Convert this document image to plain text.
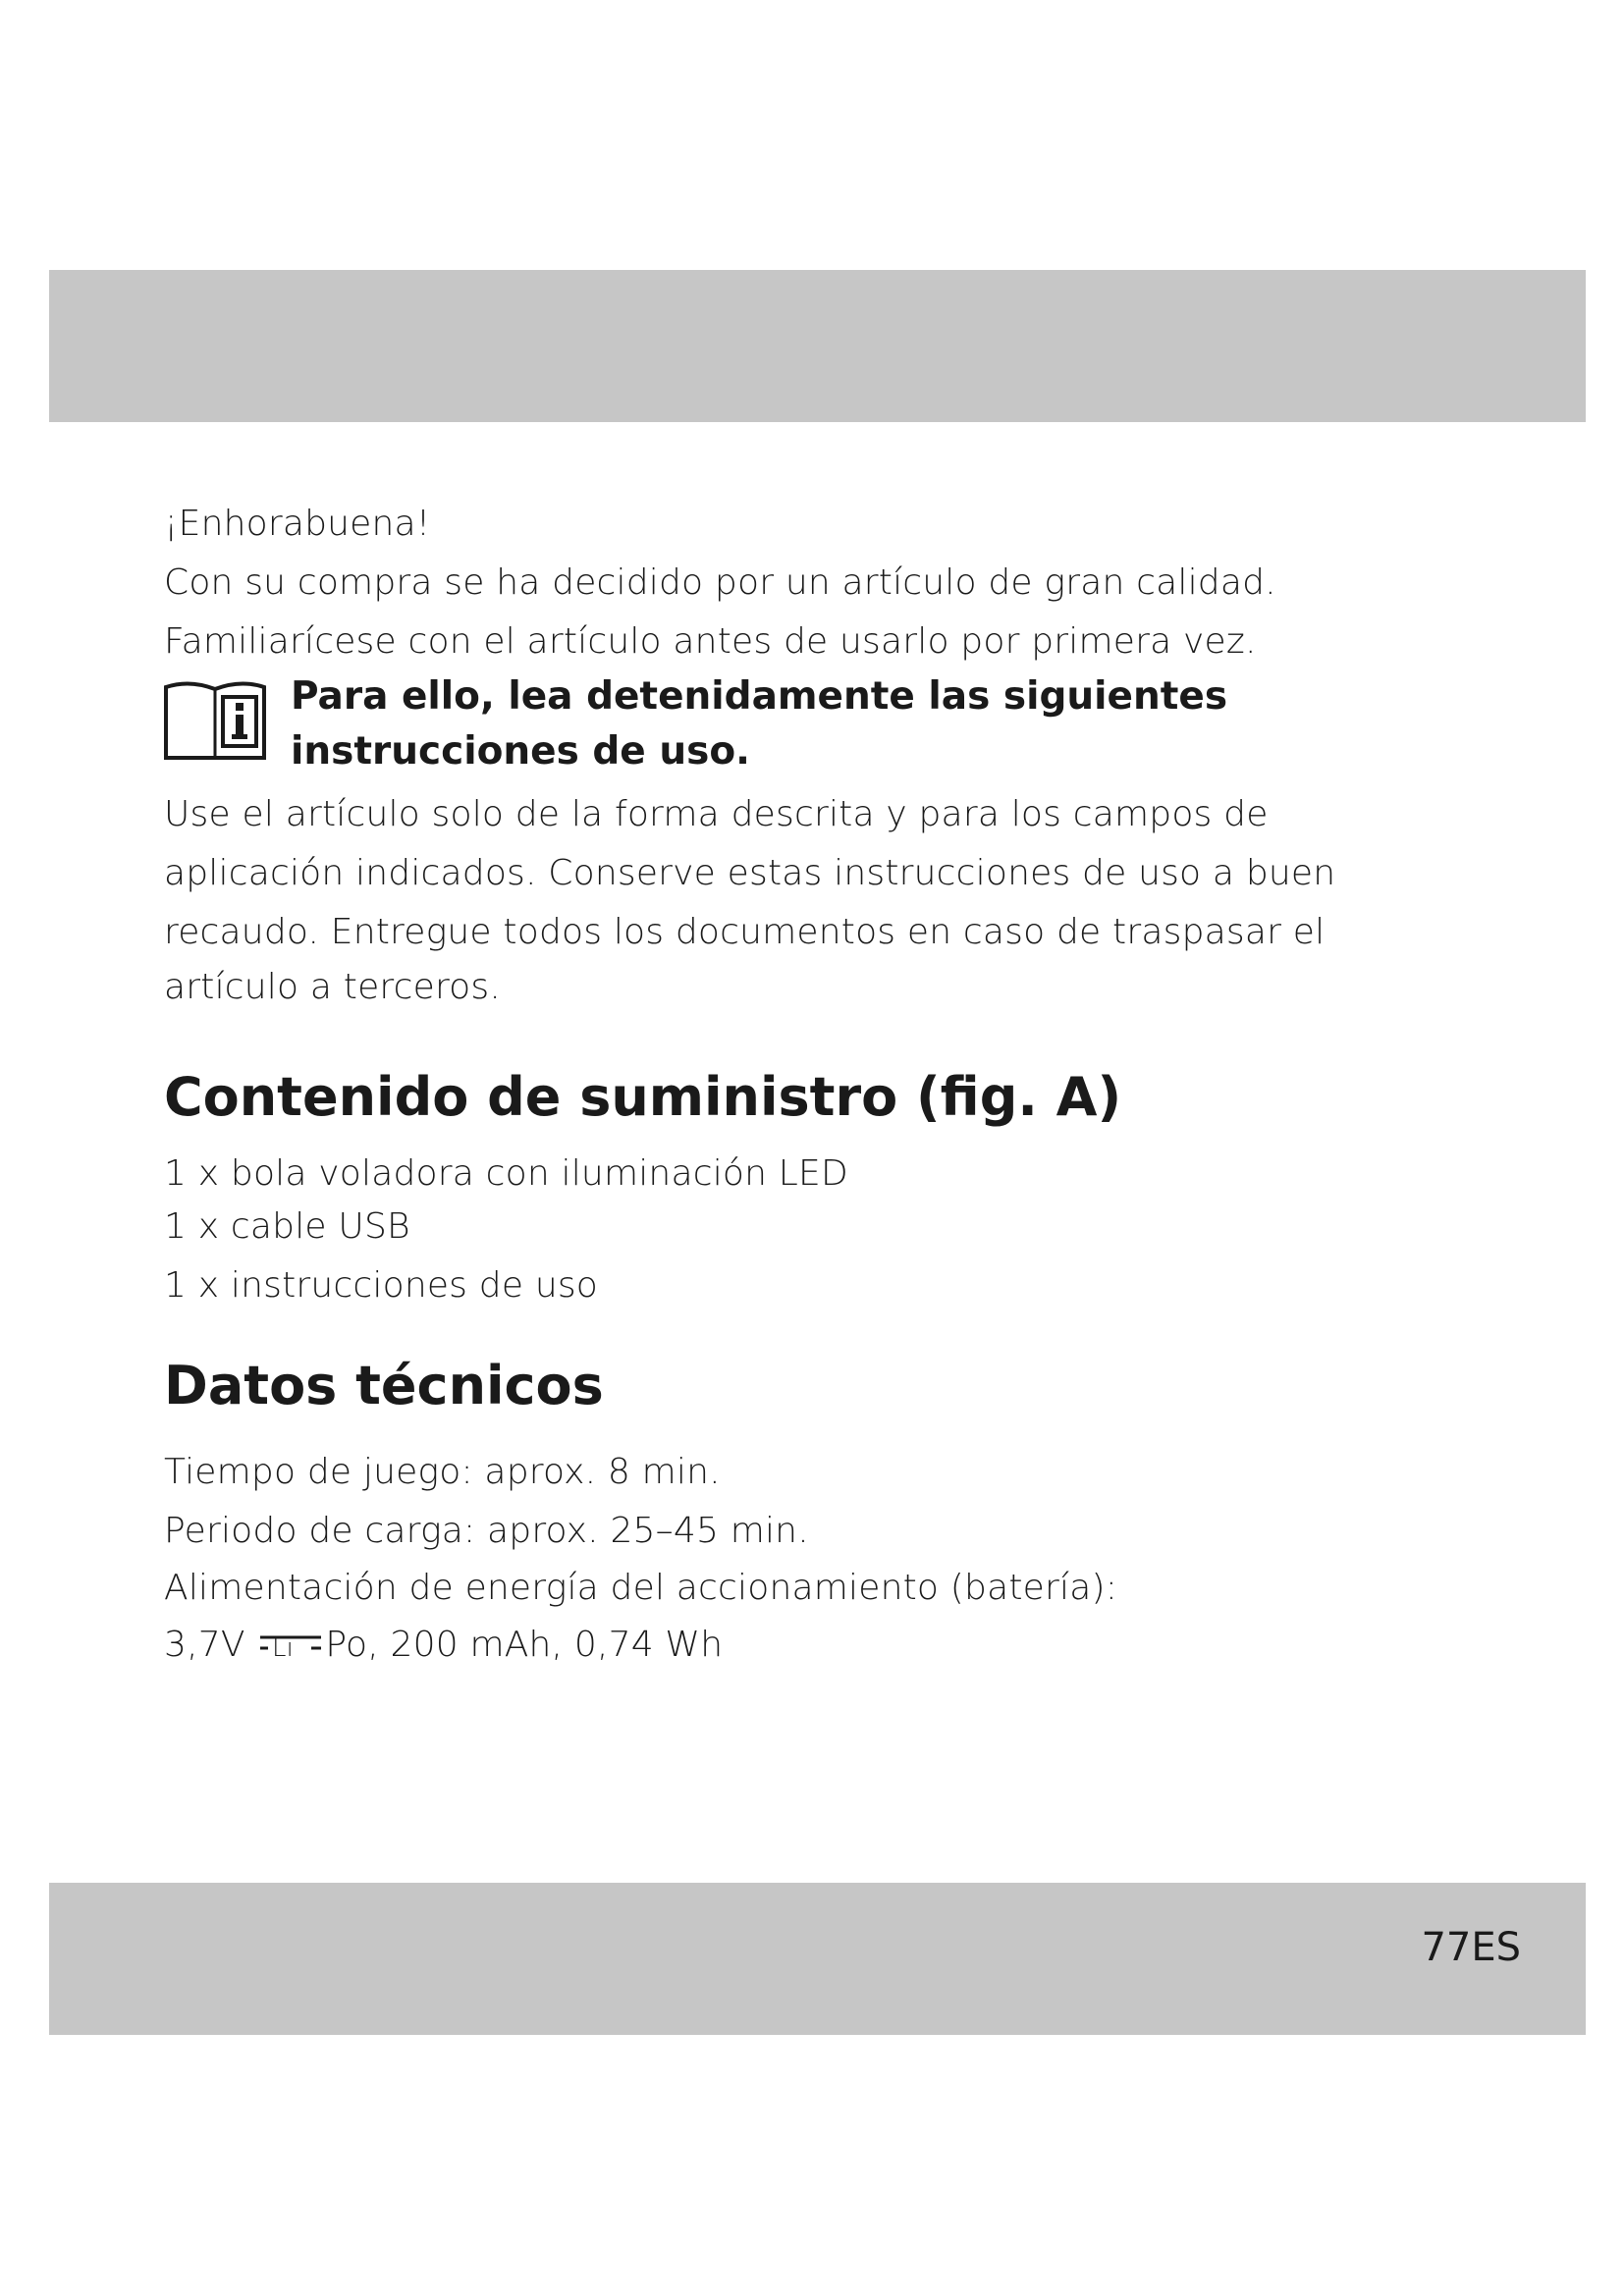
¡Enhorabuena!
Con su compra se ha decidido por un artículo de gran calidad.
Familiarícese con el artículo antes de usarlo por primera vez.
Para ello, lea detenidamente las siguientes
instrucciones de uso.
Use el artículo solo de la forma descrita y para los campos de
aplicación indicados. Conserve estas instrucciones de uso a buen
recaudo. Entregue todos los documentos en caso de traspasar el
artículo a terceros.
Contenido de suministro (fig. A)
1 x bola voladora con iluminación LED
1 x cable USB
1 x instrucciones de uso
Datos técnicos
Tiempo de juego: aprox. 8 min.
Periodo de carga: aprox. 25–45 min.
Alimentación de energía del accionamiento (batería):
3,7V Li Po, 200 mAh, 0,74 Wh
77ES
